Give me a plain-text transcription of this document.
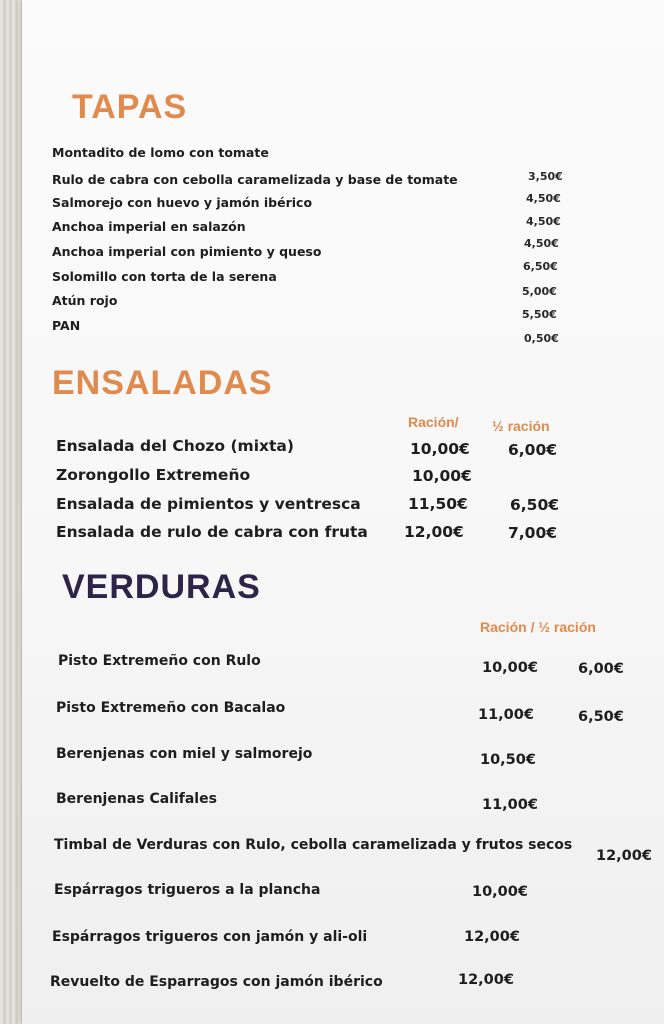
TAPAS
Montadito de lomo con tomate
Rulo de cabra con cebolla caramelizada y base de tomate
Salmorejo con huevo y jamón ibérico
Anchoa imperial en salazón
Anchoa imperial con pimiento y queso
Solomillo con torta de la serena
Atún rojo
PAN
3,50€
4,50€
4,50€
4,50€
6,50€
5,00€
5,50€
0,50€
ENSALADAS
Ración/ ½ ración
Ensalada del Chozo (mixta)
Zorongollo Extremeño
Ensalada de pimientos y ventresca
Ensalada de rulo de cabra con fruta
10,00€
10,00€
11,50€
12,00€
6,00€
6,50€
7,00€
VERDURAS
Ración / ½ ración
Pisto Extremeño con Rulo
Pisto Extremeño con Bacalao
Berenjenas con miel y salmorejo
Berenjenas Califales
Timbal de Verduras con Rulo, cebolla caramelizada y frutos secos
Espárragos trigueros a la plancha
Espárragos trigueros con jamón y ali-oli
Revuelto de Esparragos con jamón ibérico
10,00€
11,00€
10,50€
11,00€
12,00€
10,00€
12,00€
12,00€
6,00€
6,50€
